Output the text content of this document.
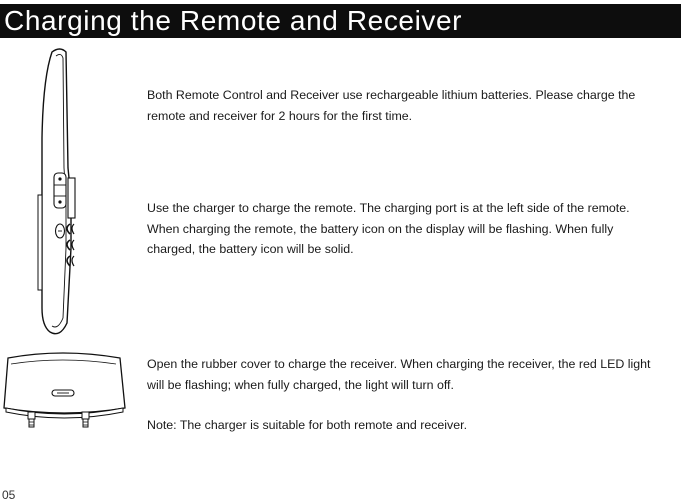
Charging the Remote and Receiver
Both Remote Control and Receiver use rechargeable lithium batteries. Please charge the
remote and receiver for 2 hours for the first time.
Use the charger to charge the remote. The charging port is at the left side of the remote.
When charging the remote, the battery icon on the display will be flashing. When fully
charged, the battery icon will be solid.
Open the rubber cover to charge the receiver. When charging the receiver, the red LED light
will be flashing; when fully charged, the light will turn off.
Note: The charger is suitable for both remote and receiver.
05
